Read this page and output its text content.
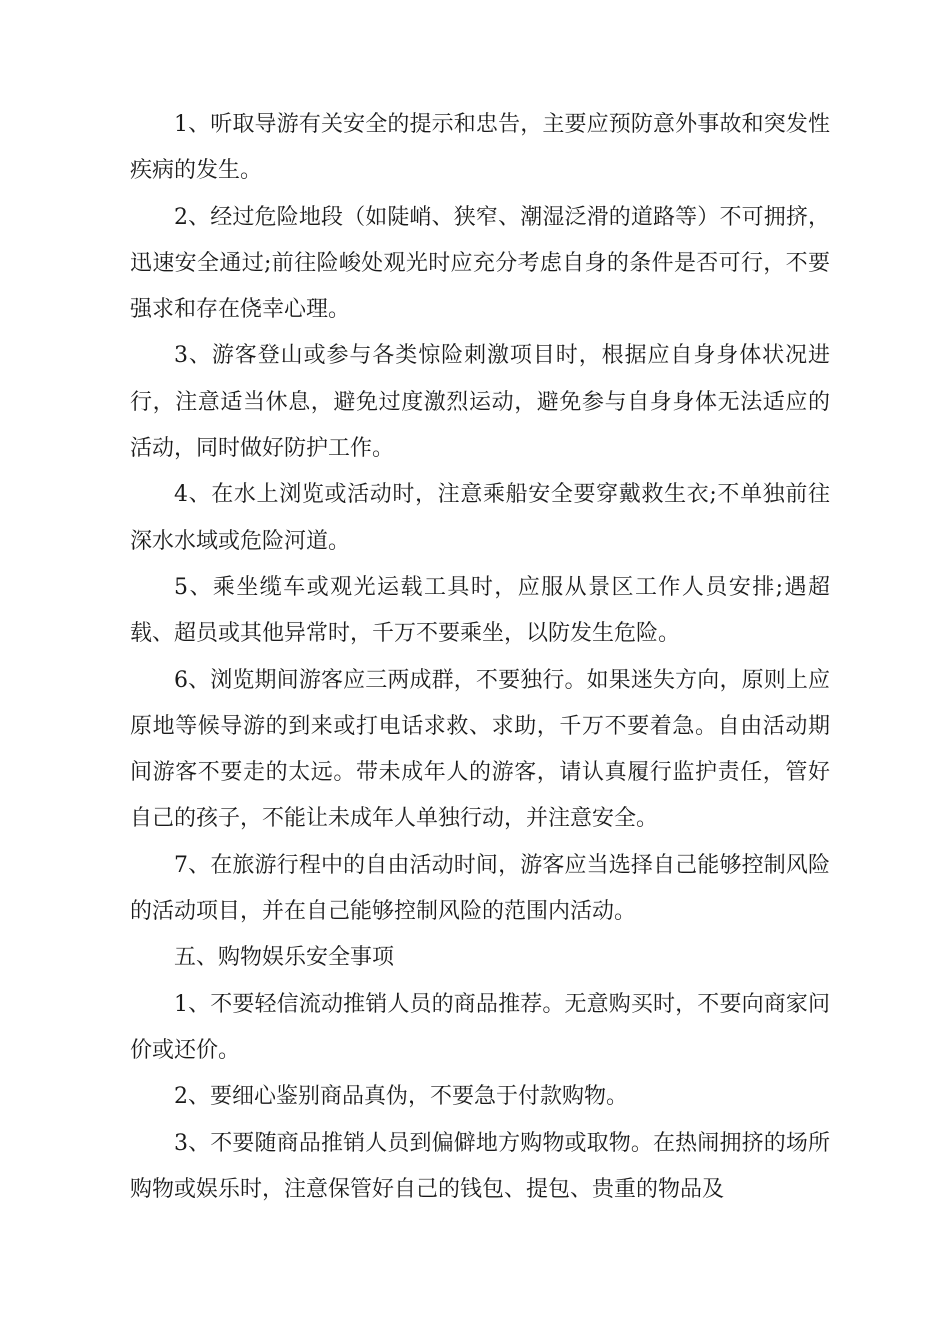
1、听取导游有关安全的提示和忠告，主要应预防意外事故和突发性疾病的发生。

2、经过危险地段（如陡峭、狭窄、潮湿泛滑的道路等）不可拥挤，迅速安全通过;前往险峻处观光时应充分考虑自身的条件是否可行，不要强求和存在侥幸心理。

3、游客登山或参与各类惊险刺激项目时，根据应自身身体状况进行，注意适当休息，避免过度激烈运动，避免参与自身身体无法适应的活动，同时做好防护工作。

4、在水上浏览或活动时，注意乘船安全要穿戴救生衣;不单独前往深水水域或危险河道。

5、乘坐缆车或观光运载工具时，应服从景区工作人员安排;遇超载、超员或其他异常时，千万不要乘坐，以防发生危险。

6、浏览期间游客应三两成群，不要独行。如果迷失方向，原则上应原地等候导游的到来或打电话求救、求助，千万不要着急。自由活动期间游客不要走的太远。带未成年人的游客，请认真履行监护责任，管好自己的孩子，不能让未成年人单独行动，并注意安全。

7、在旅游行程中的自由活动时间，游客应当选择自己能够控制风险的活动项目，并在自己能够控制风险的范围内活动。

五、购物娱乐安全事项

1、不要轻信流动推销人员的商品推荐。无意购买时，不要向商家问价或还价。

2、要细心鉴别商品真伪，不要急于付款购物。

3、不要随商品推销人员到偏僻地方购物或取物。在热闹拥挤的场所购物或娱乐时，注意保管好自己的钱包、提包、贵重的物品及
